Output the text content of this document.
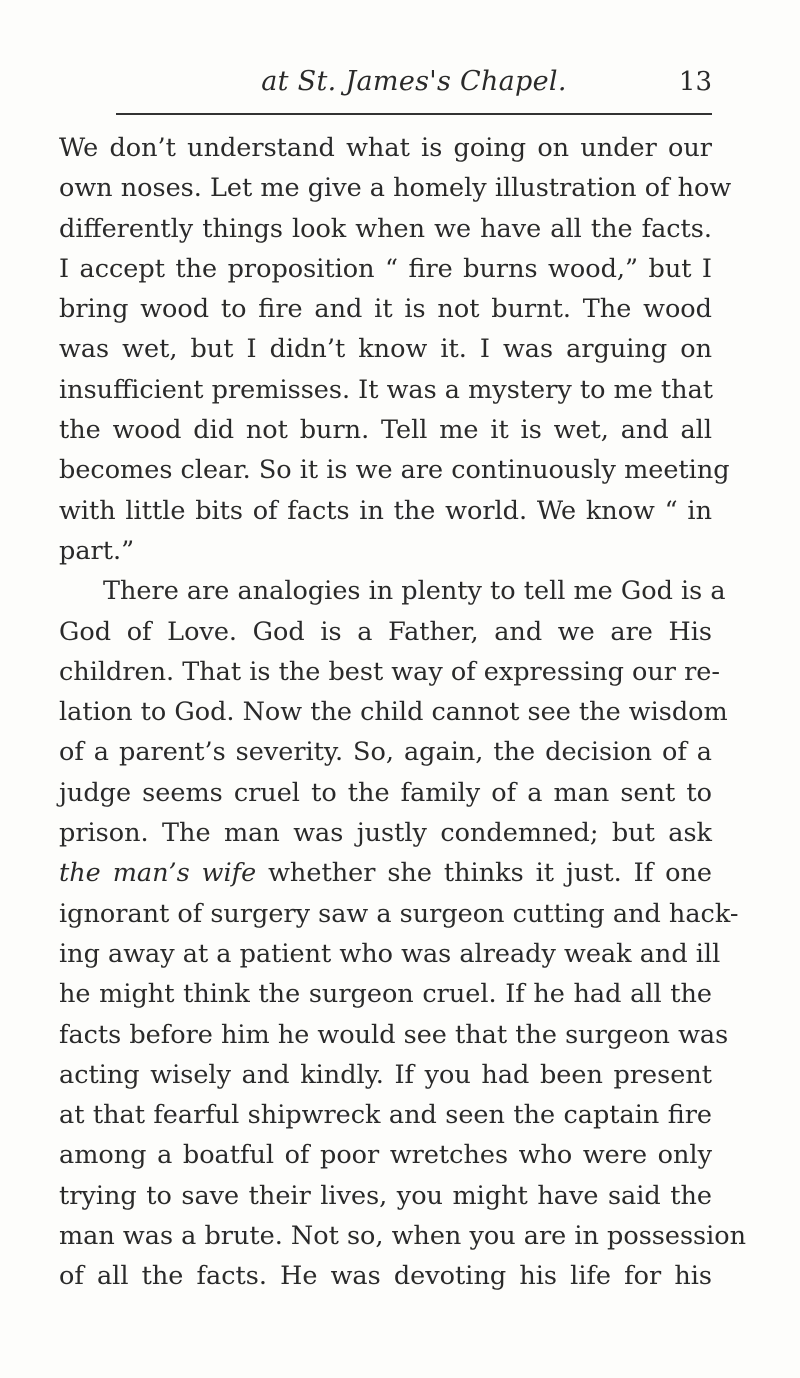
at St. James's Chapel.	13
We don’t understand what is going on under our
own noses. Let me give a homely illustration of how
differently things look when we have all the facts.
I accept the proposition “ fire burns wood,” but I
bring wood to fire and it is not burnt. The wood
was wet, but I didn’t know it. I was arguing on
insufficient premisses. It was a mystery to me that
the wood did not burn. Tell me it is wet, and all
becomes clear. So it is we are continuously meeting
with little bits of facts in the world. We know “ in
part.”
There are analogies in plenty to tell me God is a
God of Love. God is a Father, and we are His
children. That is the best way of expressing our re-
lation to God. Now the child cannot see the wisdom
of a parent’s severity. So, again, the decision of a
judge seems cruel to the family of a man sent to
prison. The man was justly condemned; but ask
the man’s wife whether she thinks it just. If one
ignorant of surgery saw a surgeon cutting and hack-
ing away at a patient who was already weak and ill
he might think the surgeon cruel. If he had all the
facts before him he would see that the surgeon was
acting wisely and kindly. If you had been present
at that fearful shipwreck and seen the captain fire
among a boatful of poor wretches who were only
trying to save their lives, you might have said the
man was a brute. Not so, when you are in possession
of all the facts. He was devoting his life for his
